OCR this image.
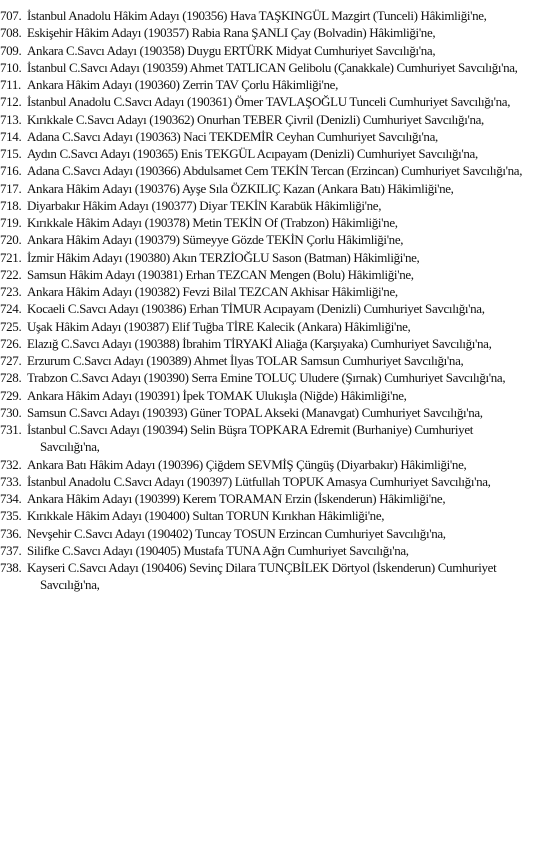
707. İstanbul Anadolu Hâkim Adayı (190356) Hava TAŞKINGÜL Mazgirt (Tunceli) Hâkimliği'ne,
708. Eskişehir Hâkim Adayı (190357) Rabia Rana ŞANLI Çay (Bolvadin) Hâkimliği'ne,
709. Ankara C.Savcı Adayı (190358) Duygu ERTÜRK Midyat Cumhuriyet Savcılığı'na,
710. İstanbul C.Savcı Adayı (190359) Ahmet TATLICAN Gelibolu (Çanakkale) Cumhuriyet Savcılığı'na,
711. Ankara Hâkim Adayı (190360) Zerrin TAV Çorlu Hâkimliği'ne,
712. İstanbul Anadolu C.Savcı Adayı (190361) Ömer TAVLAŞOĞLU Tunceli Cumhuriyet Savcılığı'na,
713. Kırıkkale C.Savcı Adayı (190362) Onurhan TEBER Çivril (Denizli) Cumhuriyet Savcılığı'na,
714. Adana C.Savcı Adayı (190363) Naci TEKDEMİR Ceyhan Cumhuriyet Savcılığı'na,
715. Aydın C.Savcı Adayı (190365) Enis TEKGÜL Acıpayam (Denizli) Cumhuriyet Savcılığı'na,
716. Adana C.Savcı Adayı (190366) Abdulsamet Cem TEKİN Tercan (Erzincan) Cumhuriyet Savcılığı'na,
717. Ankara Hâkim Adayı (190376) Ayşe Sıla ÖZKILIÇ Kazan (Ankara Batı) Hâkimliği'ne,
718. Diyarbakır Hâkim Adayı (190377) Diyar TEKİN Karabük Hâkimliği'ne,
719. Kırıkkale Hâkim Adayı (190378) Metin TEKİN Of (Trabzon) Hâkimliği'ne,
720. Ankara Hâkim Adayı (190379) Sümeyye Gözde TEKİN Çorlu Hâkimliği'ne,
721. İzmir Hâkim Adayı (190380) Akın TERZİOĞLU Sason (Batman) Hâkimliği'ne,
722. Samsun Hâkim Adayı (190381) Erhan TEZCAN Mengen (Bolu) Hâkimliği'ne,
723. Ankara Hâkim Adayı (190382) Fevzi Bilal TEZCAN Akhisar Hâkimliği'ne,
724. Kocaeli C.Savcı Adayı (190386) Erhan TİMUR Acıpayam (Denizli) Cumhuriyet Savcılığı'na,
725. Uşak Hâkim Adayı (190387) Elif Tuğba TİRE Kalecik (Ankara) Hâkimliği'ne,
726. Elazığ C.Savcı Adayı (190388) İbrahim TİRYAKİ Aliağa (Karşıyaka) Cumhuriyet Savcılığı'na,
727. Erzurum C.Savcı Adayı (190389) Ahmet İlyas TOLAR Samsun Cumhuriyet Savcılığı'na,
728. Trabzon C.Savcı Adayı (190390) Serra Emine TOLUÇ Uludere (Şırnak) Cumhuriyet Savcılığı'na,
729. Ankara Hâkim Adayı (190391) İpek TOMAK Ulukışla (Niğde) Hâkimliği'ne,
730. Samsun C.Savcı Adayı (190393) Güner TOPAL Akseki (Manavgat) Cumhuriyet Savcılığı'na,
731. İstanbul C.Savcı Adayı (190394) Selin Büşra TOPKARA Edremit (Burhaniye) Cumhuriyet
Savcılığı'na,
732. Ankara Batı Hâkim Adayı (190396) Çiğdem SEVMİŞ Çüngüş (Diyarbakır) Hâkimliği'ne,
733. İstanbul Anadolu C.Savcı Adayı (190397) Lütfullah TOPUK Amasya Cumhuriyet Savcılığı'na,
734. Ankara Hâkim Adayı (190399) Kerem TORAMAN Erzin (İskenderun) Hâkimliği'ne,
735. Kırıkkale Hâkim Adayı (190400) Sultan TORUN Kırıkhan Hâkimliği'ne,
736. Nevşehir C.Savcı Adayı (190402) Tuncay TOSUN Erzincan Cumhuriyet Savcılığı'na,
737. Silifke C.Savcı Adayı (190405) Mustafa TUNA Ağrı Cumhuriyet Savcılığı'na,
738. Kayseri C.Savcı Adayı (190406) Sevinç Dilara TUNÇBİLEK Dörtyol (İskenderun) Cumhuriyet
Savcılığı'na,
